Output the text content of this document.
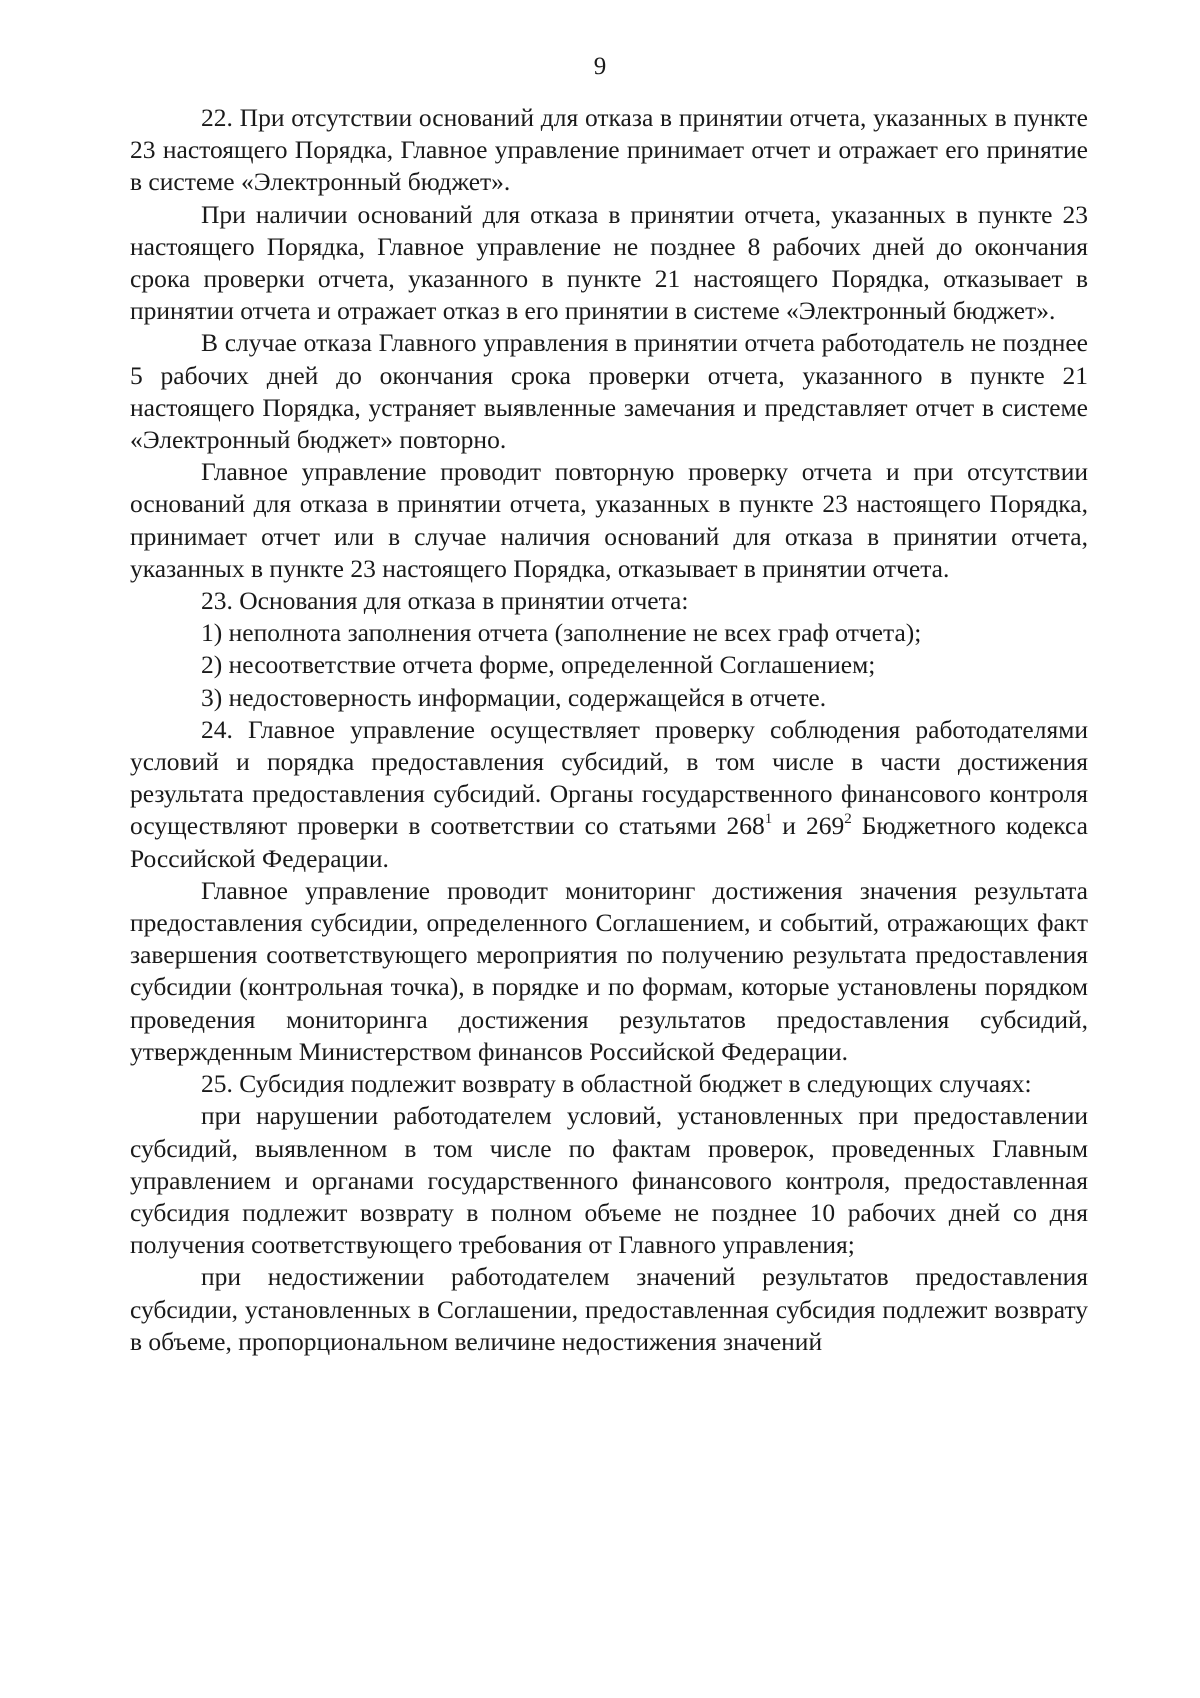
9

22. При отсутствии оснований для отказа в принятии отчета, указанных в пункте 23 настоящего Порядка, Главное управление принимает отчет и отражает его принятие в системе «Электронный бюджет».

При наличии оснований для отказа в принятии отчета, указанных в пункте 23 настоящего Порядка, Главное управление не позднее 8 рабочих дней до окончания срока проверки отчета, указанного в пункте 21 настоящего Порядка, отказывает в принятии отчета и отражает отказ в его принятии в системе «Электронный бюджет».

В случае отказа Главного управления в принятии отчета работодатель не позднее 5 рабочих дней до окончания срока проверки отчета, указанного в пункте 21 настоящего Порядка, устраняет выявленные замечания и представляет отчет в системе «Электронный бюджет» повторно.

Главное управление проводит повторную проверку отчета и при отсутствии оснований для отказа в принятии отчета, указанных в пункте 23 настоящего Порядка, принимает отчет или в случае наличия оснований для отказа в принятии отчета, указанных в пункте 23 настоящего Порядка, отказывает в принятии отчета.

23. Основания для отказа в принятии отчета:

1) неполнота заполнения отчета (заполнение не всех граф отчета);

2) несоответствие отчета форме, определенной Соглашением;

3) недостоверность информации, содержащейся в отчете.

24. Главное управление осуществляет проверку соблюдения работодателями условий и порядка предоставления субсидий, в том числе в части достижения результата предоставления субсидий. Органы государственного финансового контроля осуществляют проверки в соответствии со статьями $268^1$ и $269^2$ Бюджетного кодекса Российской Федерации.

Главное управление проводит мониторинг достижения значения результата предоставления субсидии, определенного Соглашением, и событий, отражающих факт завершения соответствующего мероприятия по получению результата предоставления субсидии (контрольная точка), в порядке и по формам, которые установлены порядком проведения мониторинга достижения результатов предоставления субсидий, утвержденным Министерством финансов Российской Федерации.

25. Субсидия подлежит возврату в областной бюджет в следующих случаях:

при нарушении работодателем условий, установленных при предоставлении субсидий, выявленном в том числе по фактам проверок, проведенных Главным управлением и органами государственного финансового контроля, предоставленная субсидия подлежит возврату в полном объеме не позднее 10 рабочих дней со дня получения соответствующего требования от Главного управления;

при недостижении работодателем значений результатов предоставления субсидии, установленных в Соглашении, предоставленная субсидия подлежит возврату в объеме, пропорциональном величине недостижения значений
